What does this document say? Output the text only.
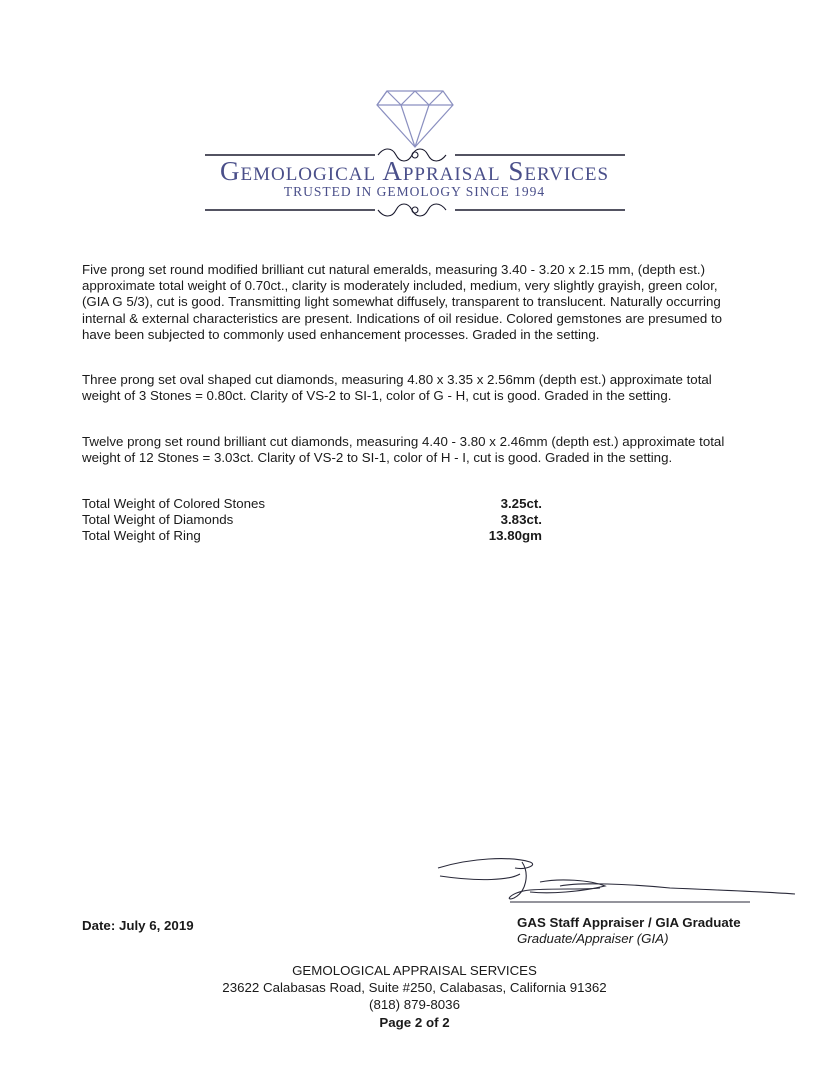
Gemological Appraisal Services
TRUSTED IN GEMOLOGY SINCE 1994

Five prong set round modified brilliant cut natural emeralds, measuring 3.40 - 3.20 x 2.15 mm, (depth est.) approximate total weight of 0.70ct., clarity is moderately included, medium, very slightly grayish, green color, (GIA G 5/3), cut is good. Transmitting light somewhat diffusely, transparent to translucent. Naturally occurring internal & external characteristics are present. Indications of oil residue. Colored gemstones are presumed to have been subjected to commonly used enhancement processes. Graded in the setting.

Three prong set oval shaped cut diamonds, measuring 4.80 x 3.35 x 2.56mm (depth est.) approximate total weight of 3 Stones = 0.80ct. Clarity of VS-2 to SI-1, color of G - H, cut is good. Graded in the setting.

Twelve prong set round brilliant cut diamonds, measuring 4.40 - 3.80 x 2.46mm (depth est.) approximate total weight of 12 Stones = 3.03ct. Clarity of VS-2 to SI-1, color of H - I, cut is good. Graded in the setting.

Total Weight of Colored Stones	3.25ct.
Total Weight of Diamonds	3.83ct.
Total Weight of Ring	13.80gm
Date: July 6, 2019	GAS Staff Appraiser / GIA Graduate
Graduate/Appraiser (GIA)
GEMOLOGICAL APPRAISAL SERVICES
23622 Calabasas Road, Suite #250, Calabasas, California 91362
(818) 879-8036
Page 2 of 2
